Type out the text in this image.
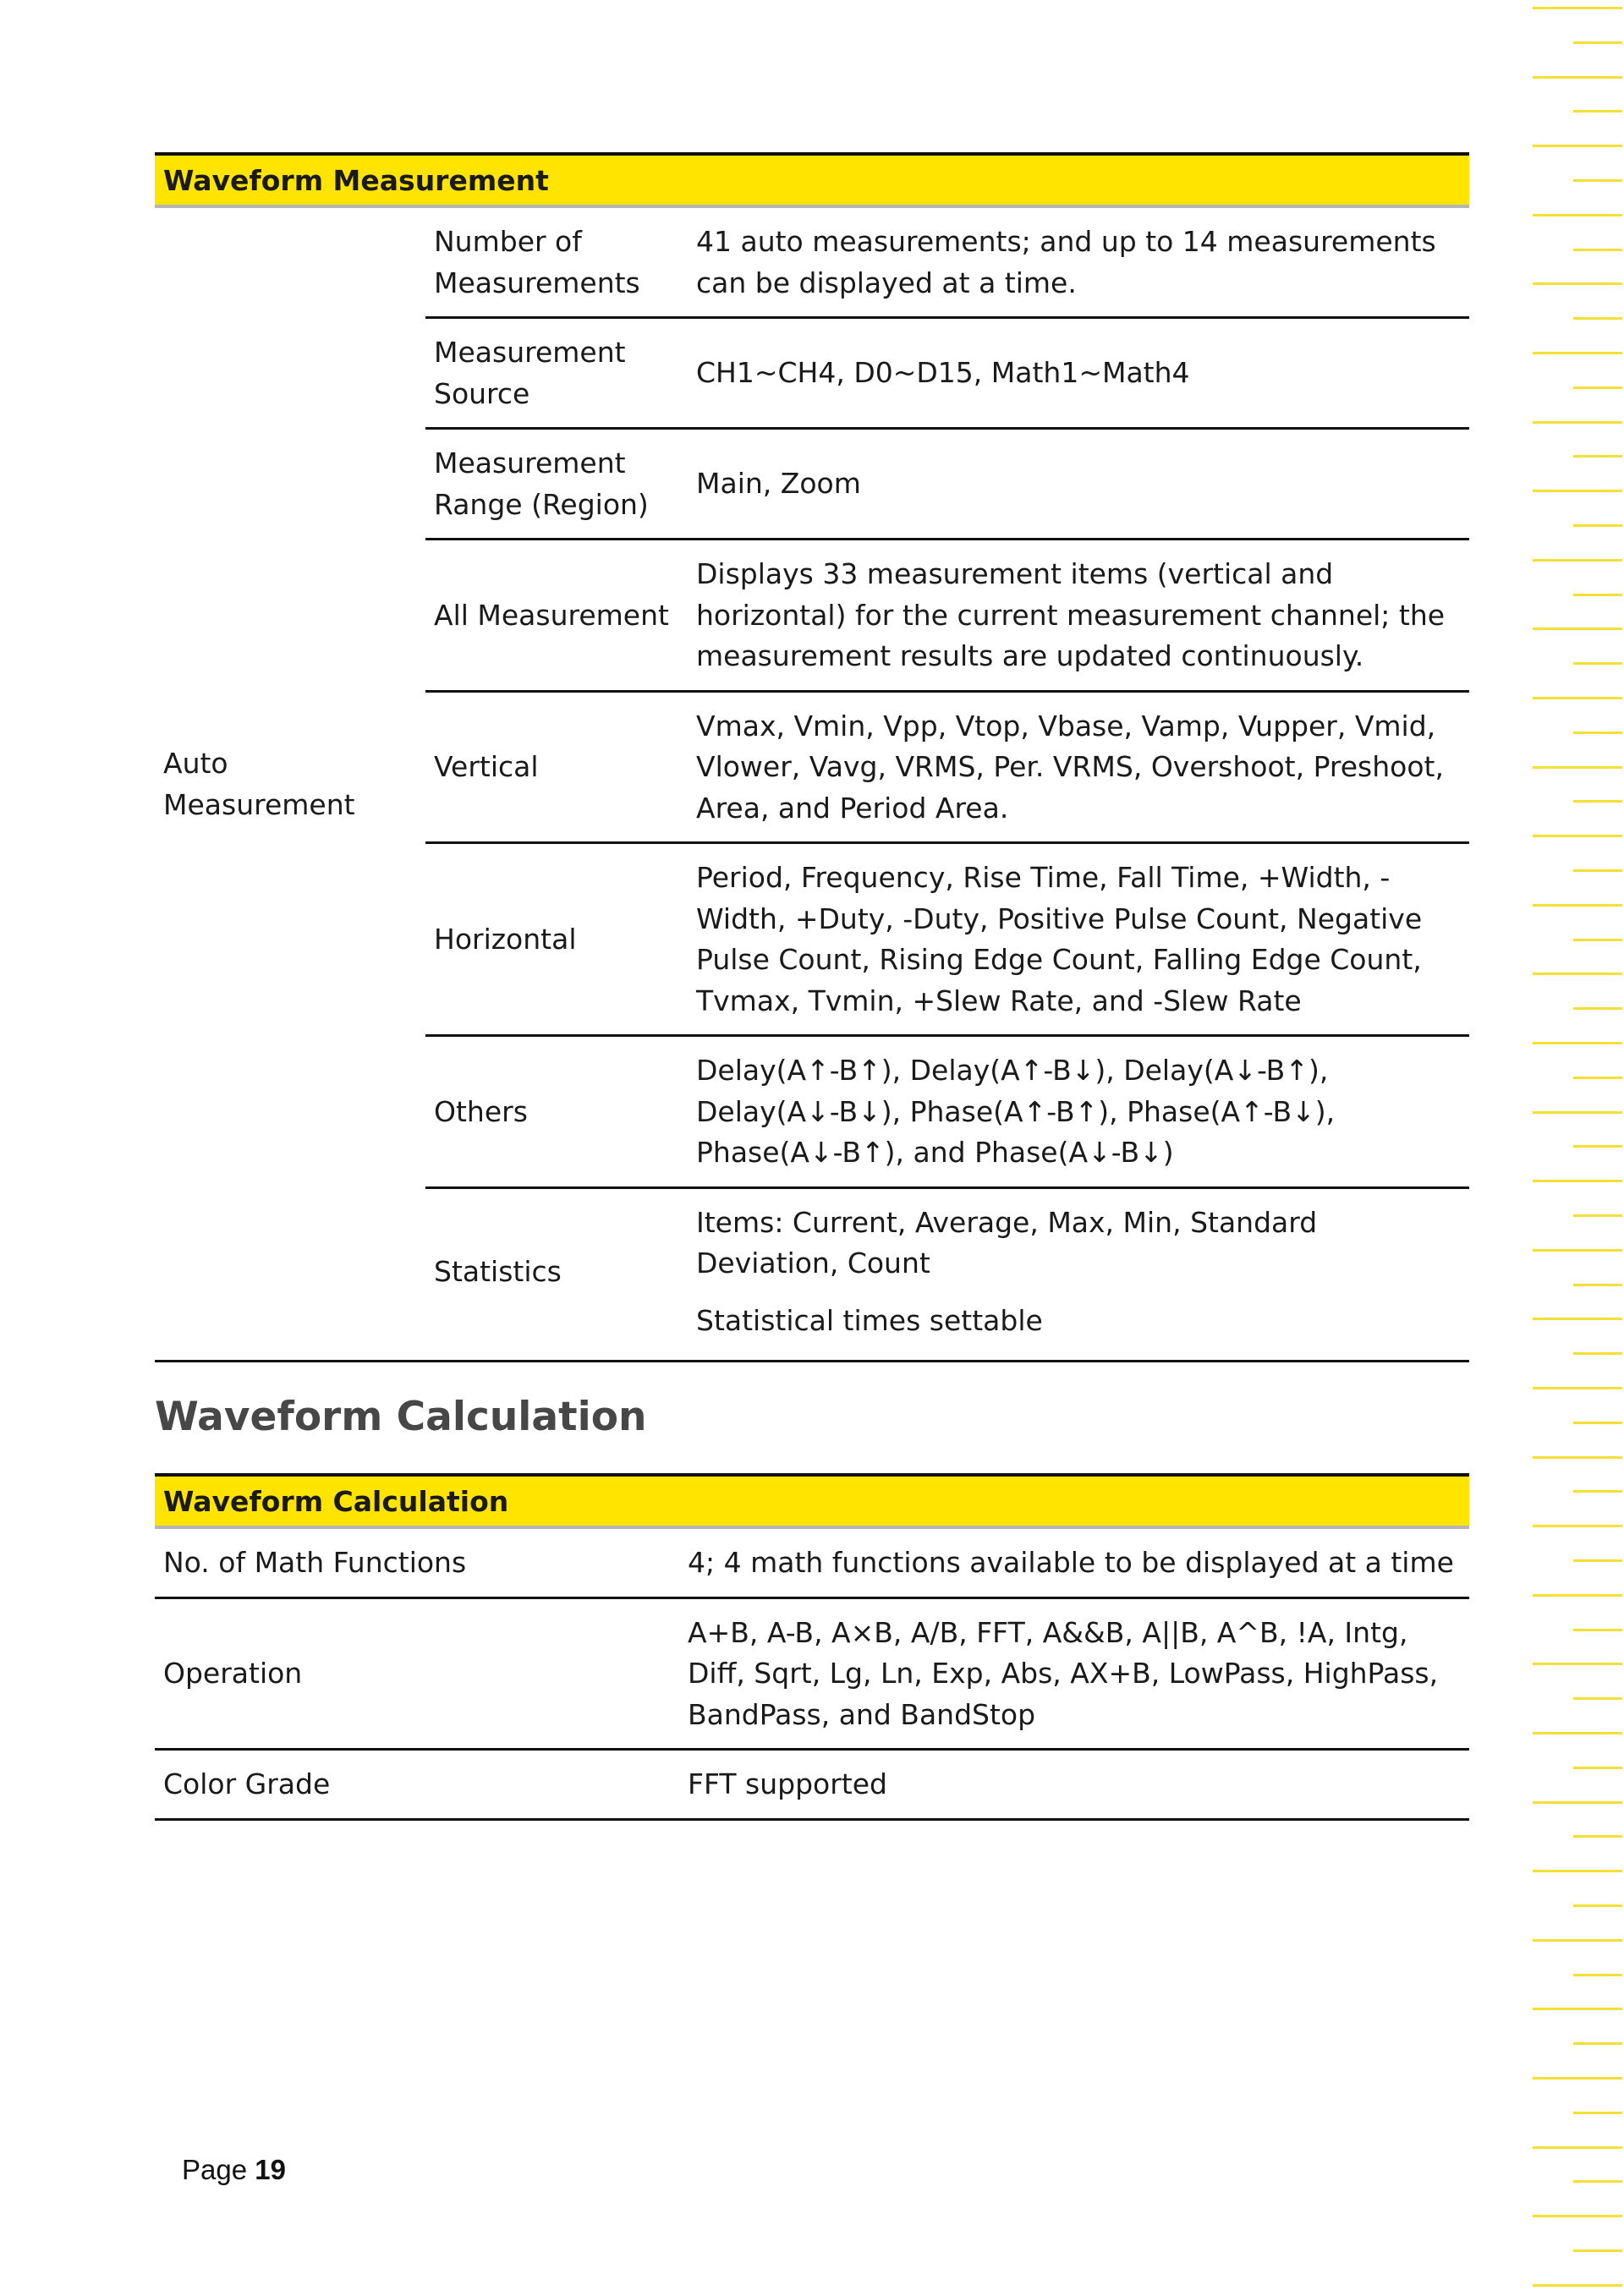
Waveform Measurement		
Auto Measurement	Number of Measurements	41 auto measurements; and up to 14 measurements can be displayed at a time.
	Measurement Source	CH1~CH4, D0~D15, Math1~Math4
	Measurement Range (Region)	Main, Zoom
	All Measurement	Displays 33 measurement items (vertical and horizontal) for the current measurement channel; the measurement results are updated continuously.
	Vertical	Vmax, Vmin, Vpp, Vtop, Vbase, Vamp, Vupper, Vmid, Vlower, Vavg, VRMS, Per. VRMS, Overshoot, Preshoot, Area, and Period Area.
	Horizontal	Period, Frequency, Rise Time, Fall Time, +Width, -Width, +Duty, -Duty, Positive Pulse Count, Negative Pulse Count, Rising Edge Count, Falling Edge Count, Tvmax, Tvmin, +Slew Rate, and -Slew Rate
	Others	Delay(A↑-B↑), Delay(A↑-B↓), Delay(A↓-B↑), Delay(A↓-B↓), Phase(A↑-B↑), Phase(A↑-B↓), Phase(A↓-B↑), and Phase(A↓-B↓)
	Statistics	Items: Current, Average, Max, Min, Standard Deviation, Count

Statistical times settable

Waveform Calculation
Waveform Calculation	
No. of Math Functions	4; 4 math functions available to be displayed at a time
Operation	A+B, A-B, A×B, A/B, FFT, A&&B, A||B, A^B, !A, Intg, Diff, Sqrt, Lg, Ln, Exp, Abs, AX+B, LowPass, HighPass, BandPass, and BandStop
Color Grade	FFT supported
Page 19
